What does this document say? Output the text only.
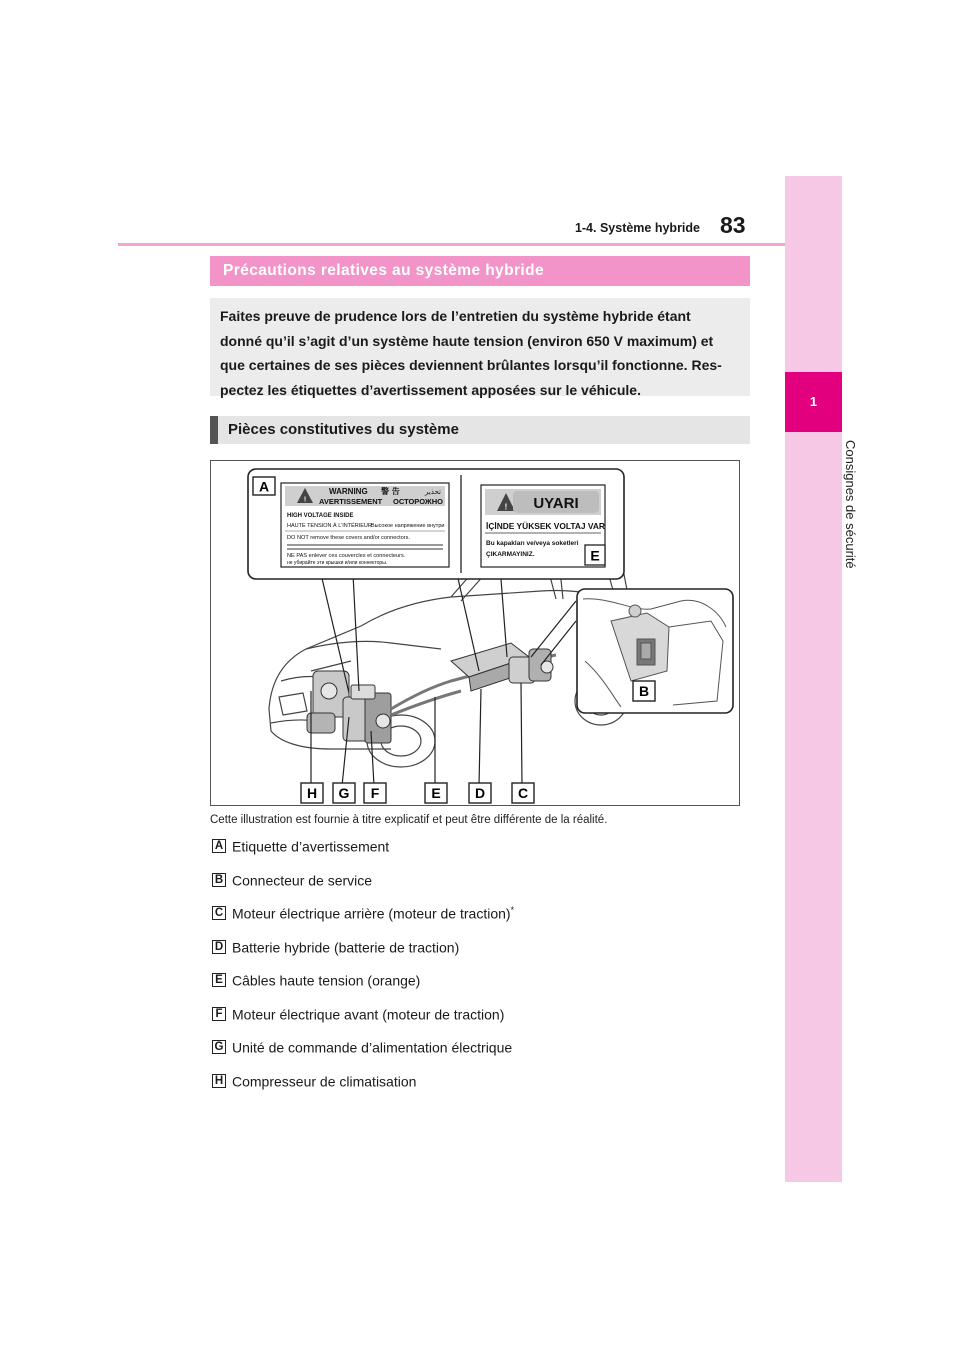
1
Consignes de sécurité
1-4. Système hybride 83
Précautions relatives au système hybride
Faites preuve de prudence lors de l’entretien du système hybride étant
donné qu’il s’agit d’un système haute tension (environ 650 V maximum) et
que certaines de ses pièces deviennent brûlantes lorsqu’il fonctionne. Res-
pectez les étiquettes d’avertissement apposées sur le véhicule.
Pièces constitutives du système
!
WARNING 警 告	تحذير
AVERTISSEMENT ОСТОРОЖНО
HIGH VOLTAGE INSIDE
HAUTE TENSION À L’INTÉRIEUR Высокое напряжение внутри
DO NOT remove these covers and/or connectors.
NE PAS enlever ces couvercles et connecteurs.
не убирайте эти крышки и/или коннекторы.
! UYARI
İÇİNDE YÜKSEK VOLTAJ VAR
Bu kapakları ve/veya soketleri
ÇIKARMAYINIZ.
A
E
B
H G F	E D C
Cette illustration est fournie à titre explicatif et peut être différente de la réalité.
A Etiquette d’avertissement
B Connecteur de service
C Moteur électrique arrière (moteur de traction)*
D Batterie hybride (batterie de traction)
E Câbles haute tension (orange)
F Moteur électrique avant (moteur de traction)
G Unité de commande d’alimentation électrique
H Compresseur de climatisation
